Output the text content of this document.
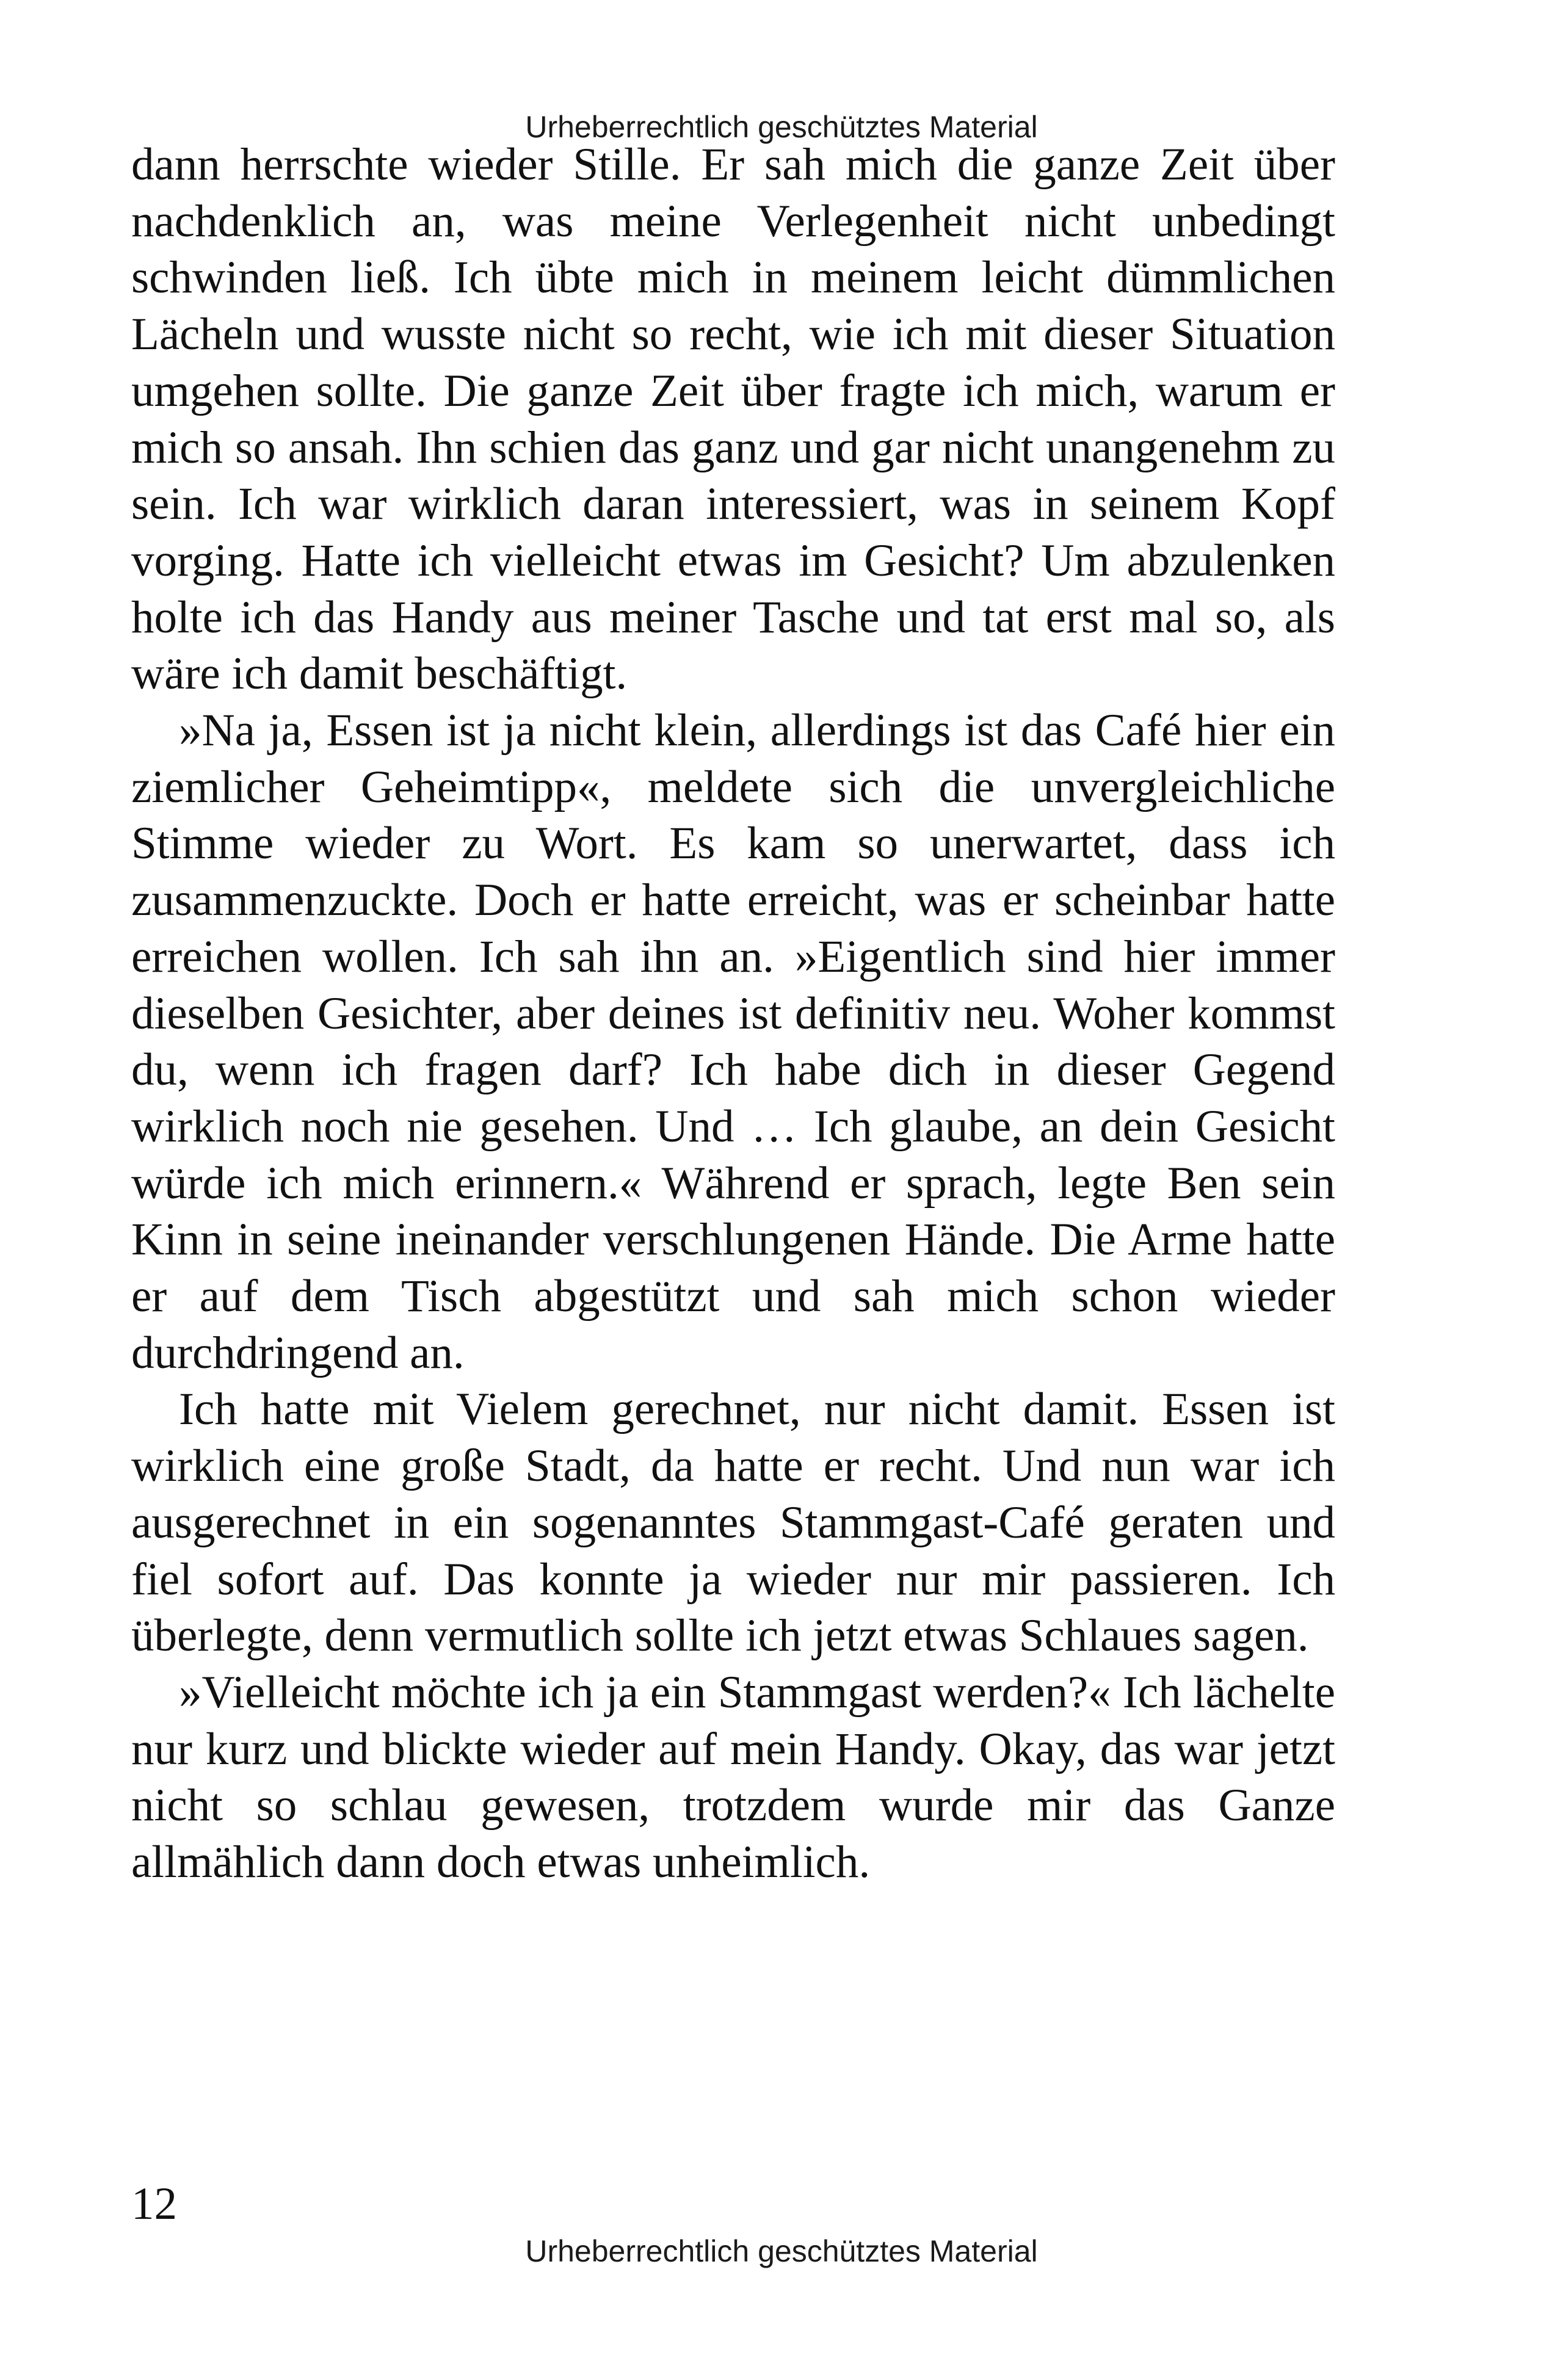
Urheberrechtlich geschütztes Material

dann herrschte wieder Stille. Er sah mich die ganze Zeit über nachdenklich an, was meine Verlegenheit nicht unbedingt schwinden ließ. Ich übte mich in meinem leicht dümmlichen Lächeln und wusste nicht so recht, wie ich mit dieser Situation umgehen sollte. Die ganze Zeit über fragte ich mich, warum er mich so ansah. Ihn schien das ganz und gar nicht unangenehm zu sein. Ich war wirklich daran interessiert, was in seinem Kopf vorging. Hatte ich vielleicht etwas im Gesicht? Um abzulenken holte ich das Handy aus meiner Tasche und tat erst mal so, als wäre ich damit beschäftigt.

»Na ja, Essen ist ja nicht klein, allerdings ist das Café hier ein ziemlicher Geheimtipp«, meldete sich die unvergleichliche Stimme wieder zu Wort. Es kam so unerwartet, dass ich zusammenzuckte. Doch er hatte erreicht, was er scheinbar hatte erreichen wollen. Ich sah ihn an. »Eigentlich sind hier immer dieselben Gesichter, aber deines ist definitiv neu. Woher kommst du, wenn ich fragen darf? Ich habe dich in dieser Gegend wirklich noch nie gesehen. Und … Ich glaube, an dein Gesicht würde ich mich erinnern.« Während er sprach, legte Ben sein Kinn in seine ineinander verschlungenen Hände. Die Arme hatte er auf dem Tisch abgestützt und sah mich schon wieder durchdringend an.

Ich hatte mit Vielem gerechnet, nur nicht damit. Essen ist wirklich eine große Stadt, da hatte er recht. Und nun war ich ausgerechnet in ein sogenanntes Stammgast-Café geraten und fiel sofort auf. Das konnte ja wieder nur mir passieren. Ich überlegte, denn vermutlich sollte ich jetzt etwas Schlaues sagen.

»Vielleicht möchte ich ja ein Stammgast werden?« Ich lächelte nur kurz und blickte wieder auf mein Handy. Okay, das war jetzt nicht so schlau gewesen, trotzdem wurde mir das Ganze allmählich dann doch etwas unheimlich.

12
Urheberrechtlich geschütztes Material
